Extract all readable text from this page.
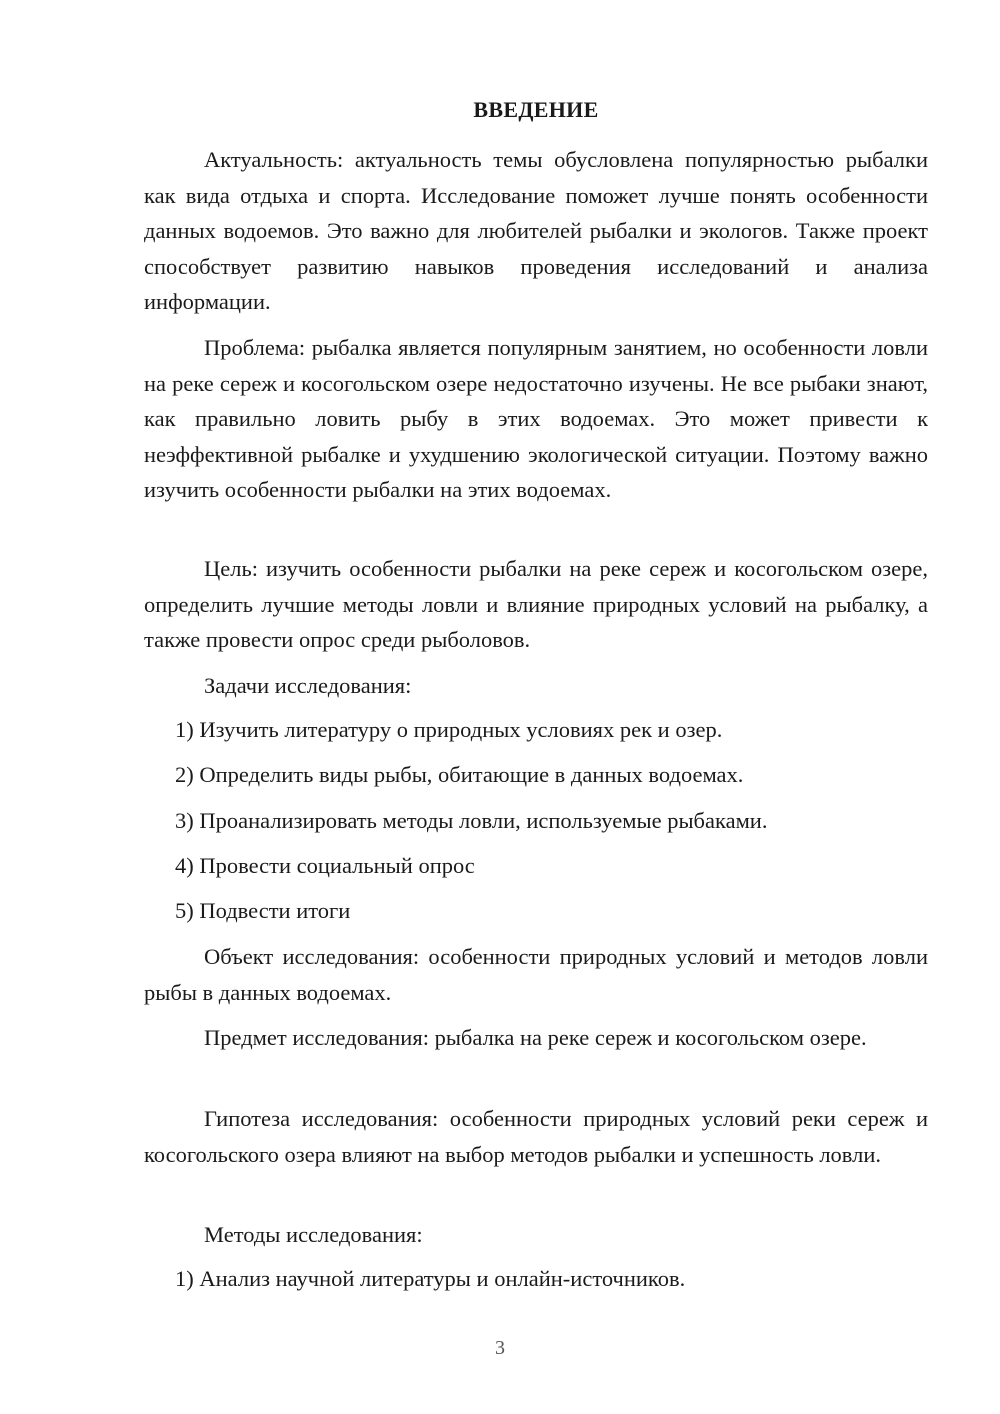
ВВЕДЕНИЕ

Актуальность: актуальность темы обусловлена популярностью рыбалки как вида отдыха и спорта. Исследование поможет лучше понять особенности данных водоемов. Это важно для любителей рыбалки и экологов. Также проект способствует развитию навыков проведения исследований и анализа информации.

Проблема: рыбалка является популярным занятием, но особенности ловли на реке сереж и косогольском озере недостаточно изучены. Не все рыбаки знают, как правильно ловить рыбу в этих водоемах. Это может привести к неэффективной рыбалке и ухудшению экологической ситуации. Поэтому важно изучить особенности рыбалки на этих водоемах.

Цель: изучить особенности рыбалки на реке сереж и косогольском озере, определить лучшие методы ловли и влияние природных условий на рыбалку, а также провести опрос среди рыболовов.

Задачи исследования:

1) Изучить литературу о природных условиях рек и озер.
2) Определить виды рыбы, обитающие в данных водоемах.
3) Проанализировать методы ловли, используемые рыбаками.
4) Провести социальный опрос
5) Подвести итоги

Объект исследования: особенности природных условий и методов ловли рыбы в данных водоемах.

Предмет исследования: рыбалка на реке сереж и косогольском озере.

Гипотеза исследования: особенности природных условий реки сереж и косогольского озера влияют на выбор методов рыбалки и успешность ловли.

Методы исследования:

1) Анализ научной литературы и онлайн-источников.
3
